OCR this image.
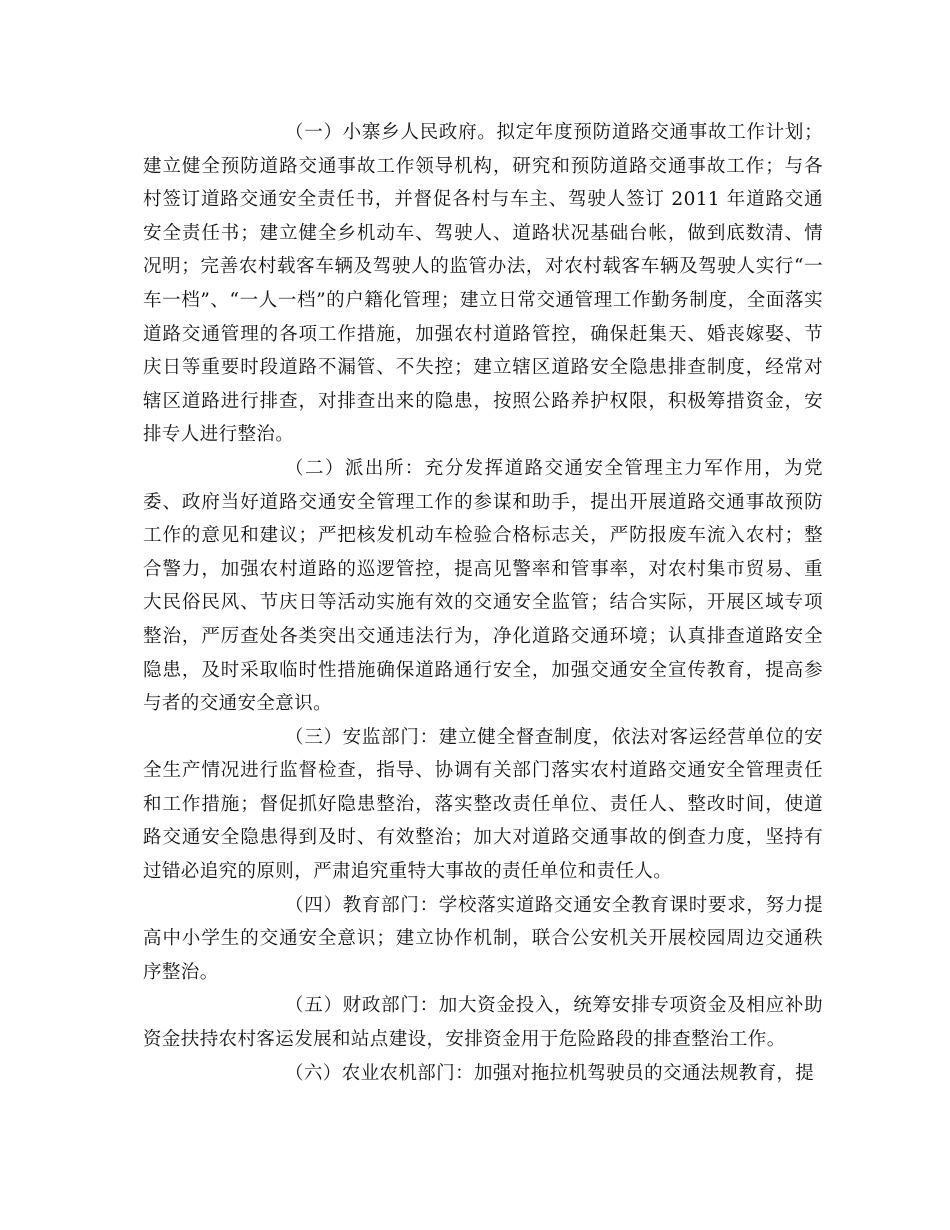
（一）小寨乡人民政府。拟定年度预防道路交通事故工作计划；建立健全预防道路交通事故工作领导机构，研究和预防道路交通事故工作；与各村签订道路交通安全责任书，并督促各村与车主、驾驶人签订 2011 年道路交通安全责任书；建立健全乡机动车、驾驶人、道路状况基础台帐，做到底数清、情况明；完善农村载客车辆及驾驶人的监管办法，对农村载客车辆及驾驶人实行“一车一档”、“一人一档”的户籍化管理；建立日常交通管理工作勤务制度，全面落实道路交通管理的各项工作措施，加强农村道路管控，确保赶集天、婚丧嫁娶、节庆日等重要时段道路不漏管、不失控；建立辖区道路安全隐患排查制度，经常对辖区道路进行排查，对排查出来的隐患，按照公路养护权限，积极筹措资金，安排专人进行整治。

（二）派出所：充分发挥道路交通安全管理主力军作用，为党委、政府当好道路交通安全管理工作的参谋和助手，提出开展道路交通事故预防工作的意见和建议；严把核发机动车检验合格标志关，严防报废车流入农村；整合警力，加强农村道路的巡逻管控，提高见警率和管事率，对农村集市贸易、重大民俗民风、节庆日等活动实施有效的交通安全监管；结合实际，开展区域专项整治，严厉查处各类突出交通违法行为，净化道路交通环境；认真排查道路安全隐患，及时采取临时性措施确保道路通行安全，加强交通安全宣传教育，提高参与者的交通安全意识。

（三）安监部门：建立健全督查制度，依法对客运经营单位的安全生产情况进行监督检查，指导、协调有关部门落实农村道路交通安全管理责任和工作措施；督促抓好隐患整治，落实整改责任单位、责任人、整改时间，使道路交通安全隐患得到及时、有效整治；加大对道路交通事故的倒查力度，坚持有过错必追究的原则，严肃追究重特大事故的责任单位和责任人。

（四）教育部门：学校落实道路交通安全教育课时要求，努力提高中小学生的交通安全意识；建立协作机制，联合公安机关开展校园周边交通秩序整治。

（五）财政部门：加大资金投入，统筹安排专项资金及相应补助资金扶持农村客运发展和站点建设，安排资金用于危险路段的排查整治工作。

（六）农业农机部门：加强对拖拉机驾驶员的交通法规教育，提
